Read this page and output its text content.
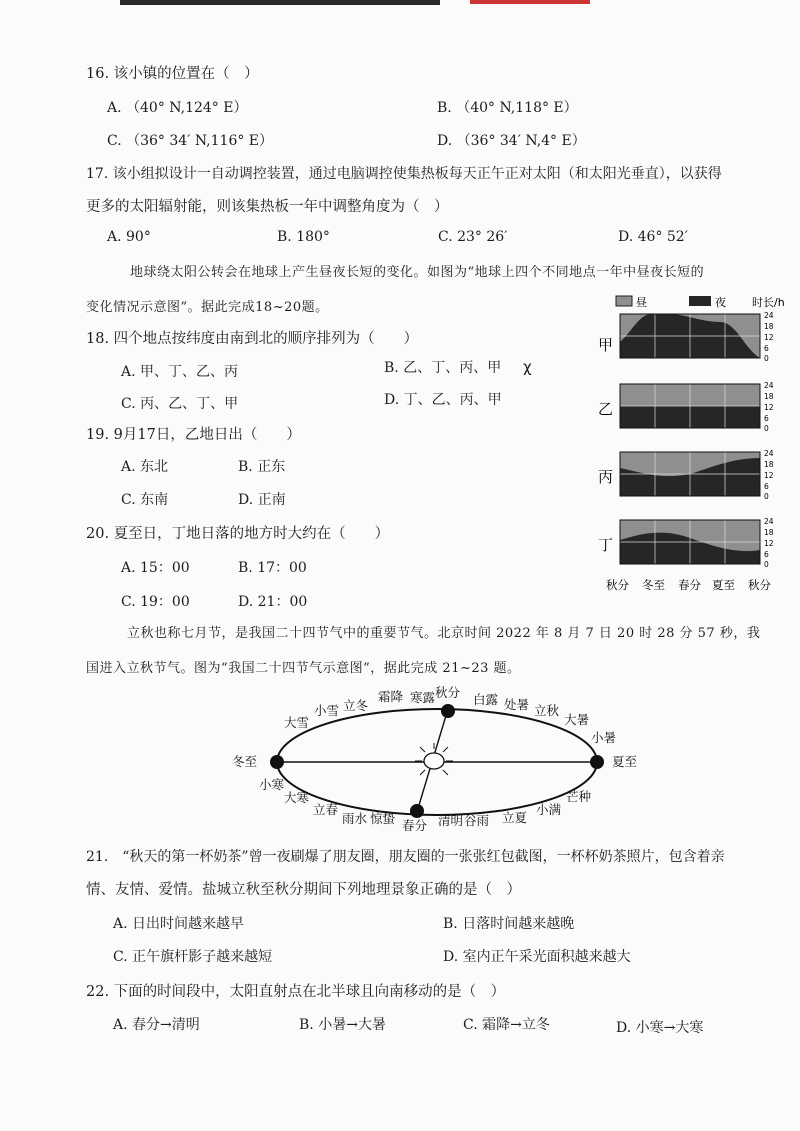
16. 该小镇的位置在（　）
A. （40° N,124° E）	B. （40° N,118° E）
C. （36° 34′ N,116° E）	D. （36° 34′ N,4° E）
17. 该小组拟设计一自动调控装置，通过电脑调控使集热板每天正午正对太阳（和太阳光垂直），以获得
更多的太阳辐射能，则该集热板一年中调整角度为（　）
A. 90°	B. 180°	C. 23° 26′	D. 46° 52′
地球绕太阳公转会在地球上产生昼夜长短的变化。如图为“地球上四个不同地点一年中昼夜长短的
变化情况示意图”。据此完成18~20题。
18. 四个地点按纬度由南到北的顺序排列为（　　）
A. 甲、丁、乙、丙	B. 乙、丁、丙、甲 χ
C. 丙、乙、丁、甲	D. 丁、乙、丙、甲
19. 9月17日，乙地日出（　　）
A. 东北	B. 正东
C. 东南	D. 正南
20. 夏至日，丁地日落的地方时大约在（　　）
A. 15：00	B. 17：00
C. 19：00	D. 21：00
昼	夜 时长/h
甲
24
18
12
6
0
乙
24
18
12
6
0
丙
24
18
12
6
0
丁
24
18
12
6
0
秋分 冬至 春分 夏至 秋分
立秋也称七月节，是我国二十四节气中的重要节气。北京时间 2022 年 8 月 7 日 20 时 28 分 57 秒，我
国进入立秋节气。图为“我国二十四节气示意图”，据此完成 21~23 题。
冬至
小寒
大寒
立春
雨水 惊蛰 春分 清明 谷雨 立夏
小满
芒种
夏至
小暑
大暑
立秋
处暑
白露
秋分
寒露
霜降
立冬
小雪
大雪
21.　“秋天的第一杯奶茶”曾一夜刷爆了朋友圈，朋友圈的一张张红包截图，一杯杯奶茶照片，包含着亲
情、友情、爱情。盐城立秋至秋分期间下列地理景象正确的是（　）
A. 日出时间越来越早	B. 日落时间越来越晚
C. 正午旗杆影子越来越短	D. 室内正午采光面积越来越大
22. 下面的时间段中，太阳直射点在北半球且向南移动的是（　）
A. 春分→清明	B. 小暑→大暑	C. 霜降→立冬	D. 小寒→大寒
